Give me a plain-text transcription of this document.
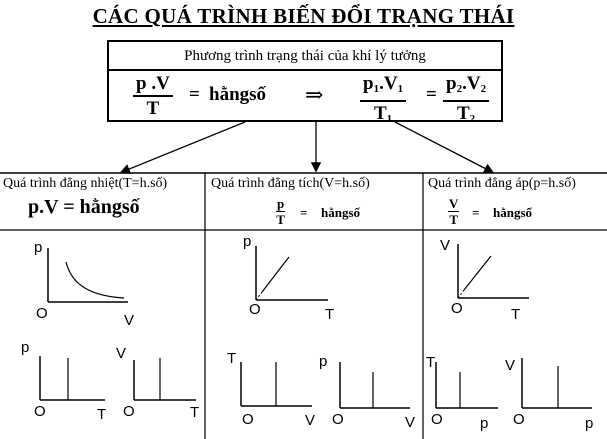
CÁC QUÁ TRÌNH BIẾN ĐỔI TRẠNG THÁI
Phương trình trạng thái của khí lý tưởng
$\frac{p .V}{T}$ = hằngsố ⇒ $\frac{p_1.V_1}{T_1} = \frac{p_2.V_2}{T_2}$
Quá trình đẳng nhiệt(T=h.số)
p.V = hằngsố
Quá trình đẳng tích(V=h.số)
$\frac{p}{T}$ = hằngsố
Quá trình đẳng áp(p=h.số)
$\frac{V}{T}$ = hằngsố
p
V
O
p
T
O
V
T
O
p
T
O
T
V
O
p
V
O
V
T
O
T
p
O
V
p
O
